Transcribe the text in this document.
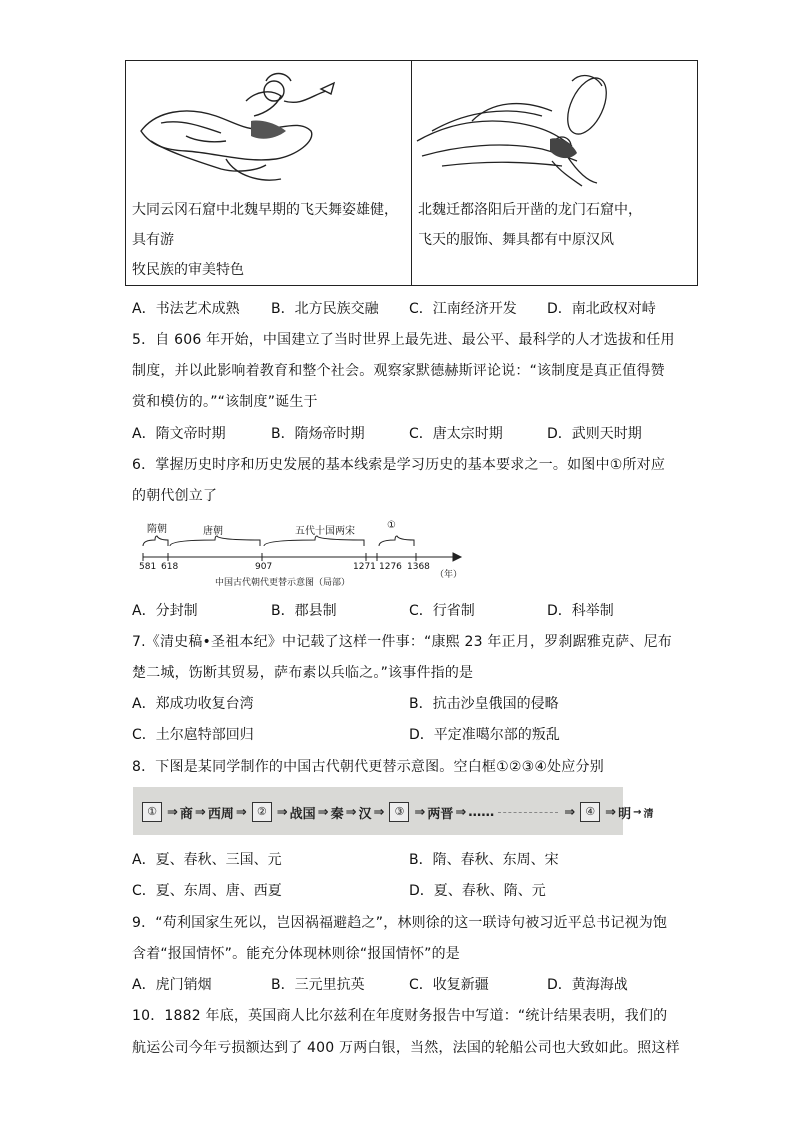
大同云冈石窟中北魏早期的飞天舞姿雄健，具有游
牧民族的审美特色

北魏迁都洛阳后开凿的龙门石窟中，
飞天的服饰、舞具都有中原汉风
A．书法艺术成熟 B．北方民族交融 C．江南经济开发 D．南北政权对峙
5．自 606 年开始，中国建立了当时世界上最先进、最公平、最科学的人才选拔和任用
制度，并以此影响着教育和整个社会。观察家默德赫斯评论说：“该制度是真正值得赞
赏和模仿的。”“该制度”诞生于
A．隋文帝时期	B．隋炀帝时期	C．唐太宗时期	D．武则天时期
6．掌握历史时序和历史发展的基本线索是学习历史的基本要求之一。如图中①所对应
的朝代创立了
隋朝	唐朝	五代十国两宋
①
581 618	907	1271 1276 1368
（年）
中国古代朝代更替示意图（局部）
A．分封制	B．郡县制	C．行省制	D．科举制
7.《清史稿•圣祖本纪》中记载了这样一件事：“康熙 23 年正月，罗刹踞雅克萨、尼布
楚二城，饬断其贸易，萨布素以兵临之。”该事件指的是
A．郑成功收复台湾	B．抗击沙皇俄国的侵略
C．土尔扈特部回归	D．平定准噶尔部的叛乱
8．下图是某同学制作的中国古代朝代更替示意图。空白框①②③④处应分别
① ⇒ 商 ⇒ 西周 ⇒ ② ⇒ 战国 ⇒ 秦 ⇒ 汉 ⇒ ③ ⇒ 两晋 ⇒ ……	⇒ ④ ⇒ 明 → 清
A．夏、春秋、三国、元	B．隋、春秋、东周、宋
C．夏、东周、唐、西夏	D．夏、春秋、隋、元
9．“苟利国家生死以，岂因祸福避趋之”，林则徐的这一联诗句被习近平总书记视为饱
含着“报国情怀”。能充分体现林则徐“报国情怀”的是
A．虎门销烟	B．三元里抗英	C．收复新疆	D．黄海海战
10．1882 年底，英国商人比尔兹利在年度财务报告中写道：“统计结果表明，我们的
航运公司今年亏损额达到了 400 万两白银，当然，法国的轮船公司也大致如此。照这样
